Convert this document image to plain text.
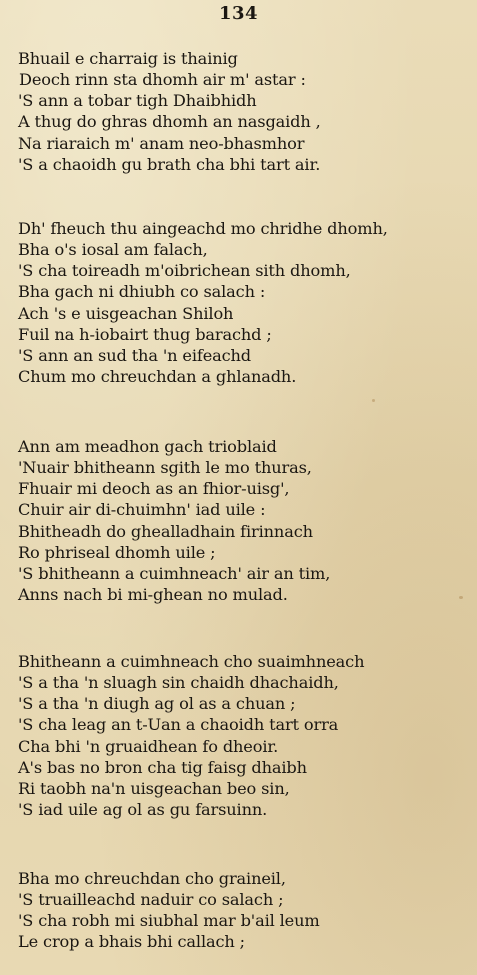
134
Bhuail e charraig is thainig
Deoch rinn sta dhomh air m' astar :
'S ann a tobar tigh Dhaibhidh
A thug do ghras dhomh an nasgaidh ,
Na riaraich m' anam neo-bhasmhor
'S a chaoidh gu brath cha bhi tart air.
Dh' fheuch thu aingeachd mo chridhe dhomh,
Bha o's iosal am falach,
'S cha toireadh m'oibrichean sith dhomh,
Bha gach ni dhiubh co salach :
Ach 's e uisgeachan Shiloh
Fuil na h-iobairt thug barachd ;
'S ann an sud tha 'n eifeachd
Chum mo chreuchdan a ghlanadh.
Ann am meadhon gach trioblaid
'Nuair bhitheann sgith le mo thuras,
Fhuair mi deoch as an fhior-uisg',
Chuir air di-chuimhn' iad uile :
Bhitheadh do ghealladhain firinnach
Ro phriseal dhomh uile ;
'S bhitheann a cuimhneach' air an tim,
Anns nach bi mi-ghean no mulad.
Bhitheann a cuimhneach cho suaimhneach
'S a tha 'n sluagh sin chaidh dhachaidh,
'S a tha 'n diugh ag ol as a chuan ;
'S cha leag an t-Uan a chaoidh tart orra
Cha bhi 'n gruaidhean fo dheoir.
A's bas no bron cha tig faisg dhaibh
Ri taobh na'n uisgeachan beo sin,
'S iad uile ag ol as gu farsuinn.
Bha mo chreuchdan cho graineil,
'S truailleachd naduir co salach ;
'S cha robh mi siubhal mar b'ail leum
Le crop a bhais bhi callach ;
